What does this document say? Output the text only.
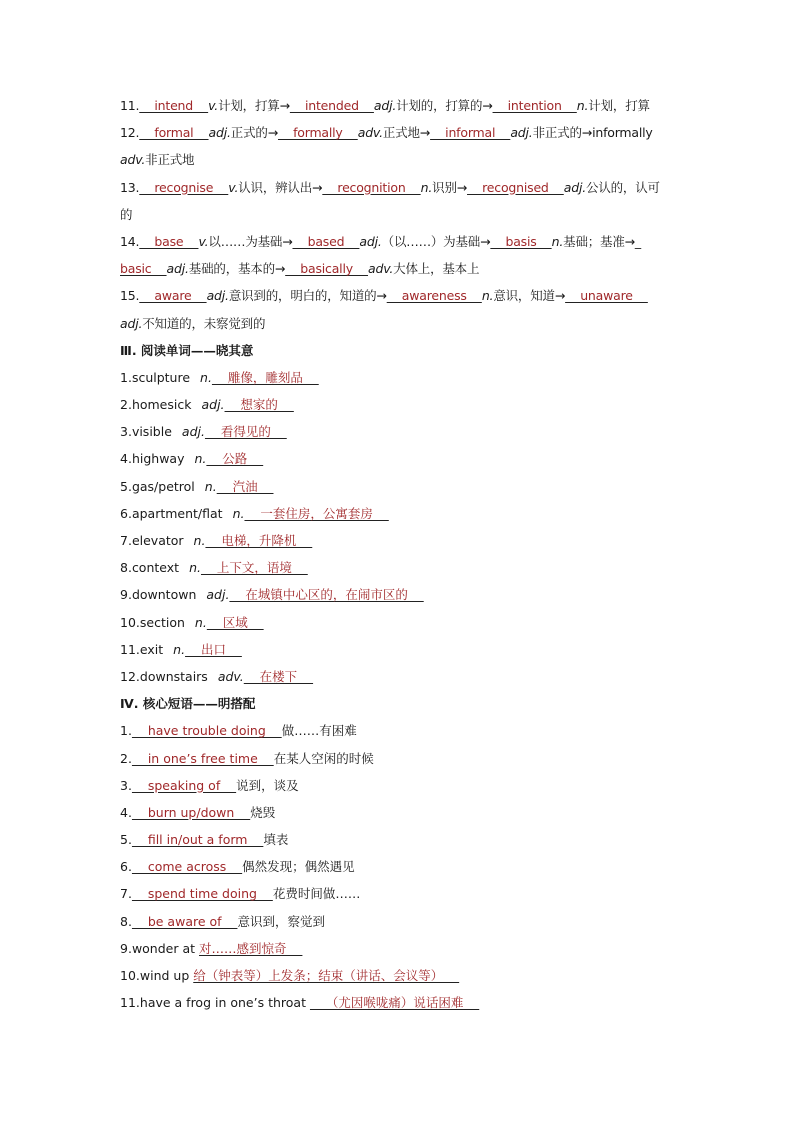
11.    intend    v.计划，打算→    intended    adj.计划的，打算的→    intention    n.计划，打算
12.    formal    adj.正式的→    formally    adv.正式地→    informal    adj.非正式的→informally
adv.非正式地
13.    recognise    v.认识，辨认出→    recognition    n.识别→    recognised    adj.公认的，认可
的
14.    base    v.以……为基础→    based    adj.（以……）为基础→    basis    n.基础；基准→_
basic    adj.基础的，基本的→    basically    adv.大体上，基本上
15.    aware    adj.意识到的，明白的，知道的→    awareness    n.意识，知道→    unaware
adj.不知道的，未察觉到的
Ⅲ. 阅读单词——晓其意
1.sculpture n.    雕像，雕刻品
2.homesick adj.    想家的
3.visible adj.    看得见的
4.highway n.    公路
5.gas/petrol n.    汽油
6.apartment/flat n.    一套住房，公寓套房
7.elevator n.    电梯，升降机
8.context n.    上下文，语境
9.downtown adj.    在城镇中心区的，在闹市区的
10.section n.    区域
11.exit n.    出口
12.downstairs adv.    在楼下
Ⅳ. 核心短语——明搭配
1.    have trouble doing    做……有困难
2.    in one’s free time    在某人空闲的时候
3.    speaking of    说到，谈及
4.    burn up/down    烧毁
5.    fill in/out a form    填表
6.    come across    偶然发现；偶然遇见
7.    spend time doing    花费时间做……
8.    be aware of    意识到，察觉到
9.wonder at 对……感到惊奇
10.wind up 给（钟表等）上发条；结束（讲话、会议等）
11.have a frog in one’s throat     （尤因喉咙痛）说话困难
